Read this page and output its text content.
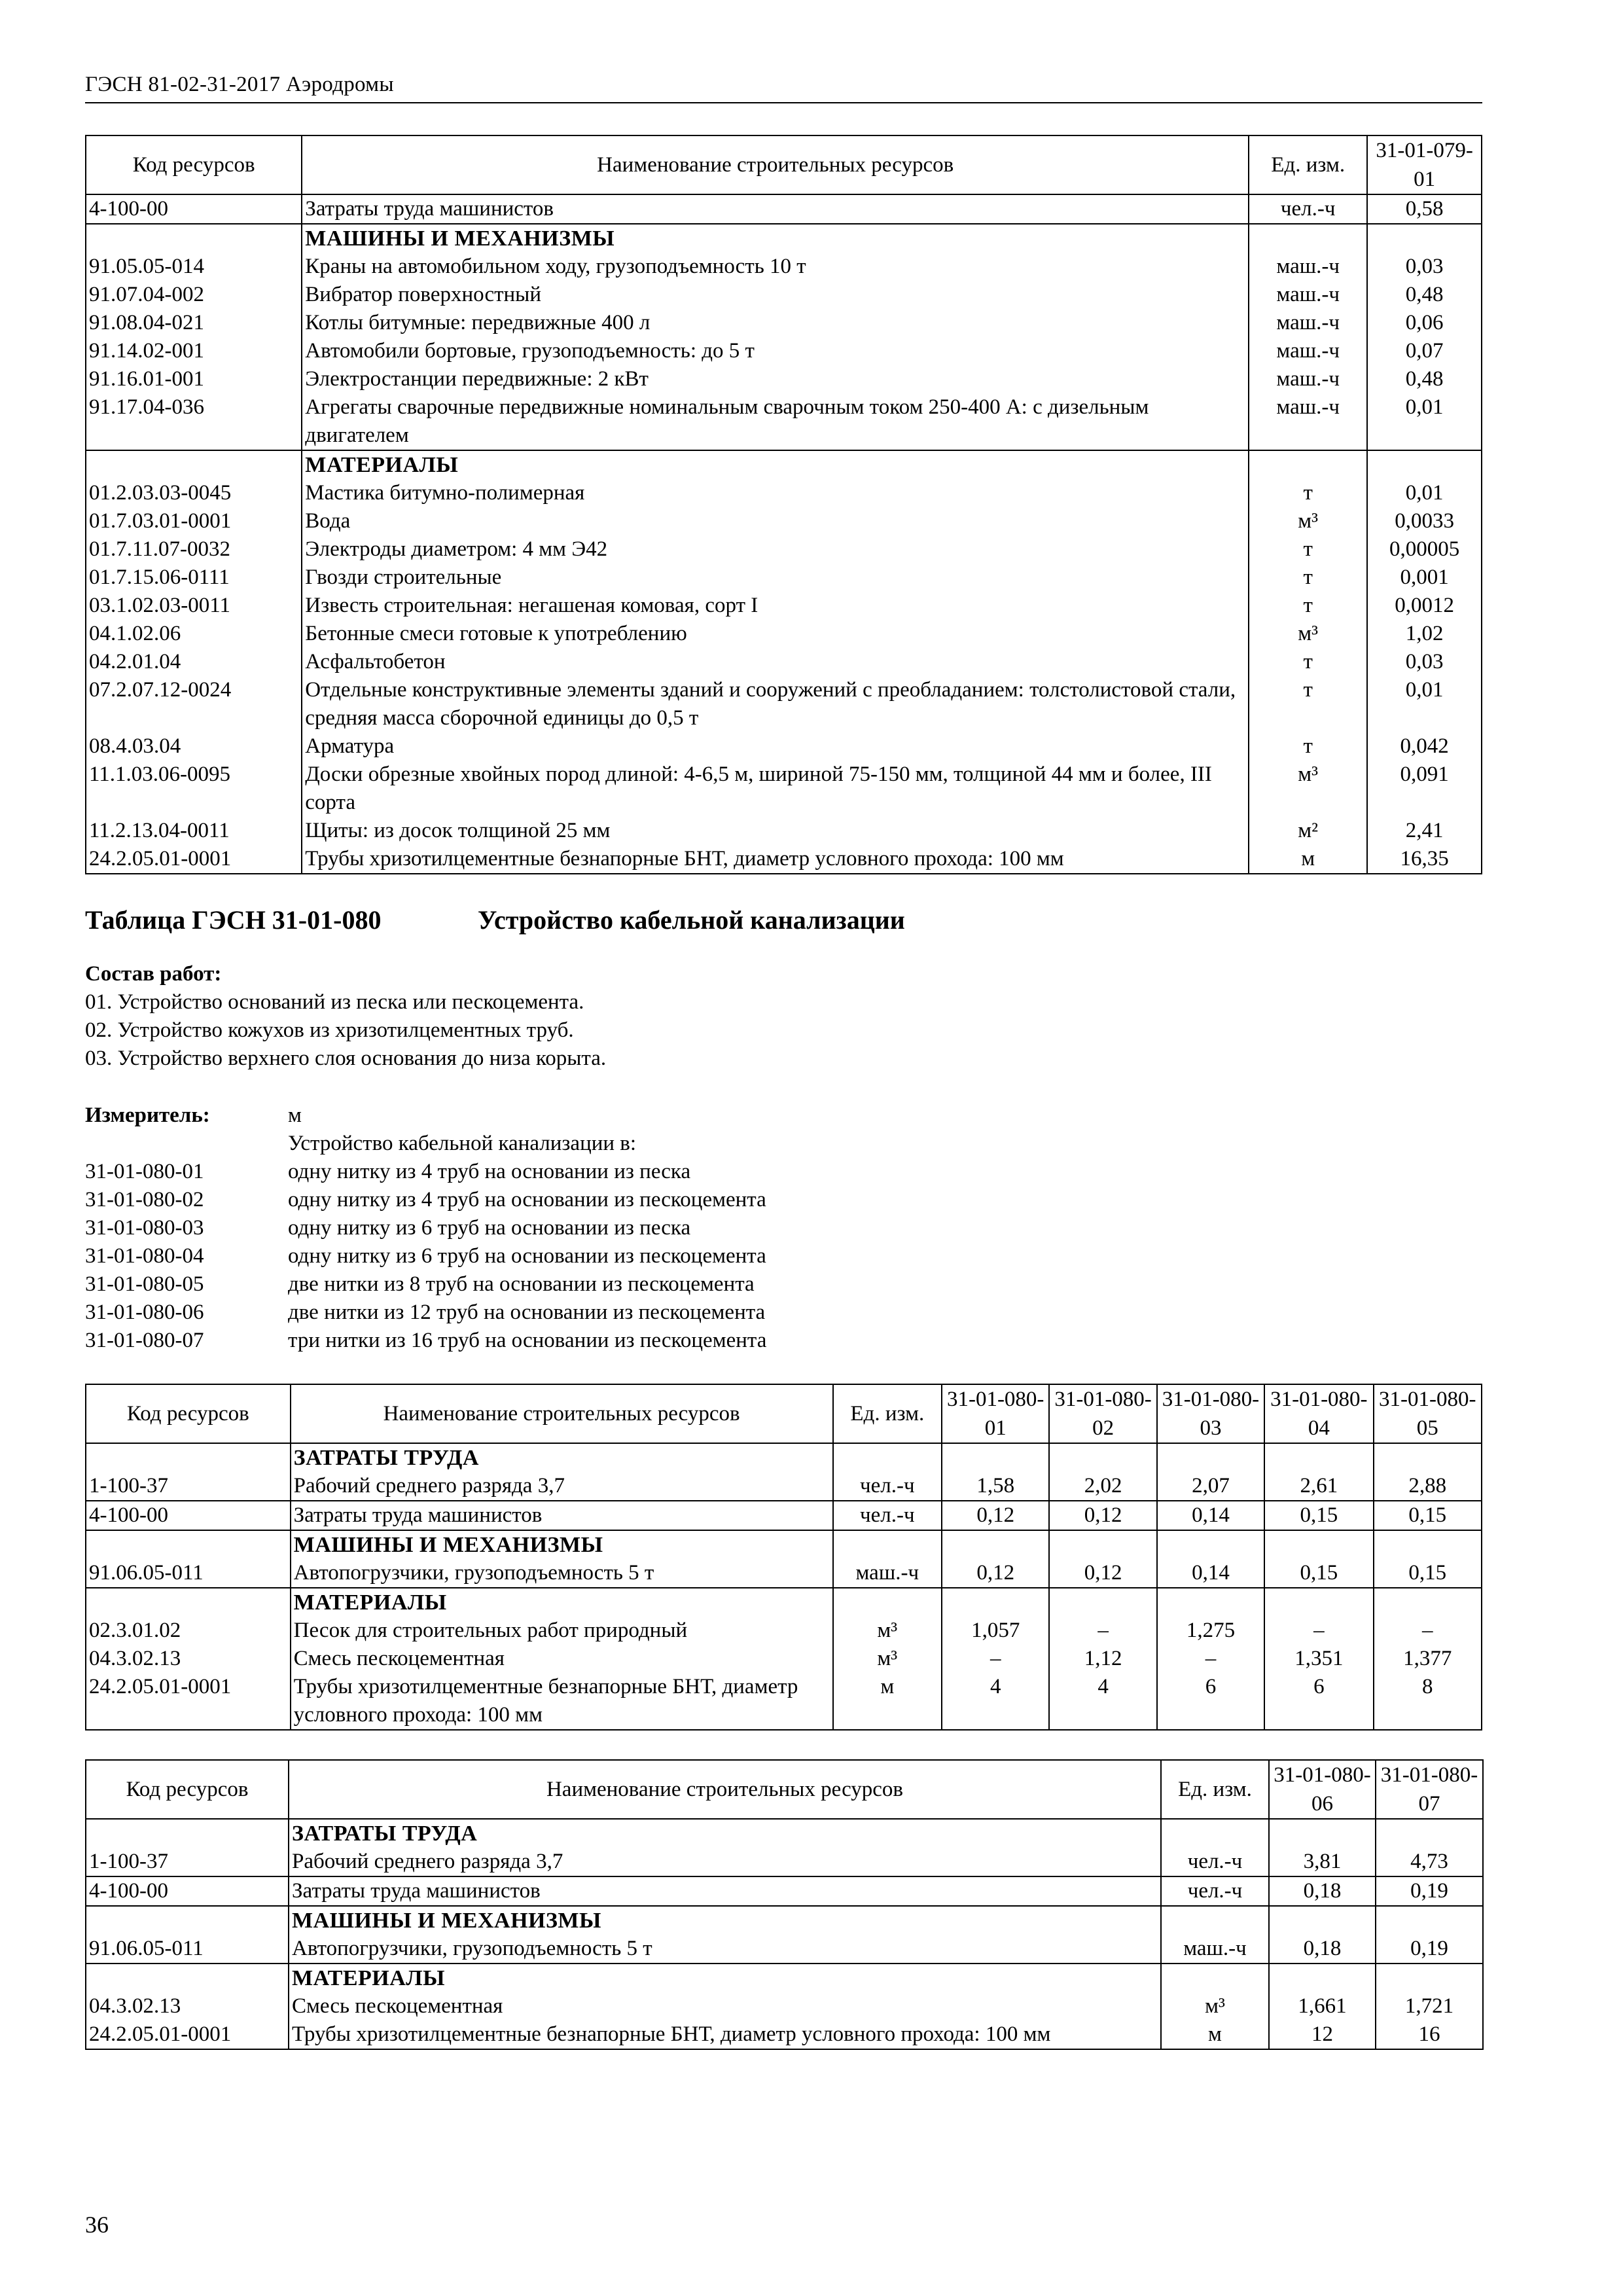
ГЭСН 81-02-31-2017 Аэродромы
Код ресурсов	Наименование строительных ресурсов	Ед. изм.	31-01-079-01
4-100-00	Затраты труда машинистов	чел.-ч	0,58
	МАШИНЫ И МЕХАНИЗМЫ		
91.05.05-014	Краны на автомобильном ходу, грузоподъемность 10 т	маш.-ч	0,03
91.07.04-002	Вибратор поверхностный	маш.-ч	0,48
91.08.04-021	Котлы битумные: передвижные 400 л	маш.-ч	0,06
91.14.02-001	Автомобили бортовые, грузоподъемность: до 5 т	маш.-ч	0,07
91.16.01-001	Электростанции передвижные: 2 кВт	маш.-ч	0,48
91.17.04-036	Агрегаты сварочные передвижные номинальным сварочным током 250-400 А: с дизельным двигателем	маш.-ч	0,01
	МАТЕРИАЛЫ		
01.2.03.03-0045	Мастика битумно-полимерная	т	0,01
01.7.03.01-0001	Вода	м³	0,0033
01.7.11.07-0032	Электроды диаметром: 4 мм Э42	т	0,00005
01.7.15.06-0111	Гвозди строительные	т	0,001
03.1.02.03-0011	Известь строительная: негашеная комовая, сорт I	т	0,0012
04.1.02.06	Бетонные смеси готовые к употреблению	м³	1,02
04.2.01.04	Асфальтобетон	т	0,03
07.2.07.12-0024	Отдельные конструктивные элементы зданий и сооружений с преобладанием: толстолистовой стали, средняя масса сборочной единицы до 0,5 т	т	0,01
08.4.03.04	Арматура	т	0,042
11.1.03.06-0095	Доски обрезные хвойных пород длиной: 4-6,5 м, шириной 75-150 мм, толщиной 44 мм и более, III сорта	м³	0,091
11.2.13.04-0011	Щиты: из досок толщиной 25 мм	м²	2,41
24.2.05.01-0001	Трубы хризотилцементные безнапорные БНТ, диаметр условного прохода: 100 мм	м	16,35
Таблица ГЭСН 31-01-080	Устройство кабельной канализации
Состав работ:
01. Устройство оснований из песка или пескоцемента.
02. Устройство кожухов из хризотилцементных труб.
03. Устройство верхнего слоя основания до низа корыта.
Измеритель:	м
Устройство кабельной канализации в:
31-01-080-01	одну нитку из 4 труб на основании из песка
31-01-080-02	одну нитку из 4 труб на основании из пескоцемента
31-01-080-03	одну нитку из 6 труб на основании из песка
31-01-080-04	одну нитку из 6 труб на основании из пескоцемента
31-01-080-05	две нитки из 8 труб на основании из пескоцемента
31-01-080-06	две нитки из 12 труб на основании из пескоцемента
31-01-080-07	три нитки из 16 труб на основании из пескоцемента
Код ресурсов	Наименование строительных ресурсов	Ед. изм.	31-01-080-01	31-01-080-02	31-01-080-03	31-01-080-04	31-01-080-05
	ЗАТРАТЫ ТРУДА						
1-100-37	Рабочий среднего разряда 3,7	чел.-ч	1,58	2,02	2,07	2,61	2,88
4-100-00	Затраты труда машинистов	чел.-ч	0,12	0,12	0,14	0,15	0,15
	МАШИНЫ И МЕХАНИЗМЫ						
91.06.05-011	Автопогрузчики, грузоподъемность 5 т	маш.-ч	0,12	0,12	0,14	0,15	0,15
	МАТЕРИАЛЫ						
02.3.01.02	Песок для строительных работ природный	м³	1,057	–	1,275	–	–
04.3.02.13	Смесь пескоцементная	м³	–	1,12	–	1,351	1,377
24.2.05.01-0001	Трубы хризотилцементные безнапорные БНТ, диаметр условного прохода: 100 мм	м	4	4	6	6	8
Код ресурсов	Наименование строительных ресурсов	Ед. изм.	31-01-080-06	31-01-080-07
	ЗАТРАТЫ ТРУДА			
1-100-37	Рабочий среднего разряда 3,7	чел.-ч	3,81	4,73
4-100-00	Затраты труда машинистов	чел.-ч	0,18	0,19
	МАШИНЫ И МЕХАНИЗМЫ			
91.06.05-011	Автопогрузчики, грузоподъемность 5 т	маш.-ч	0,18	0,19
	МАТЕРИАЛЫ			
04.3.02.13	Смесь пескоцементная	м³	1,661	1,721
24.2.05.01-0001	Трубы хризотилцементные безнапорные БНТ, диаметр условного прохода: 100 мм	м	12	16
36
